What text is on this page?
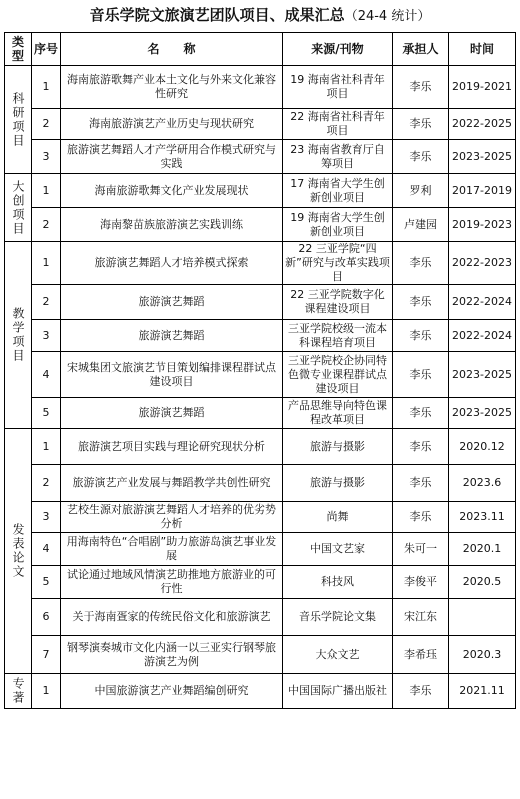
音乐学院文旅演艺团队项目、成果汇总（24-4 统计）
类型	序号	名　　称	来源/刊物	承担人	时间
科研项目	1	海南旅游歌舞产业本土文化与外来文化兼容性研究	19 海南省社科青年项目	李乐	2019-2021
	2	海南旅游演艺产业历史与现状研究	22 海南省社科青年项目	李乐	2022-2025
	3	旅游演艺舞蹈人才产学研用合作模式研究与实践	23 海南省教育厅自筹项目	李乐	2023-2025
大创项目	1	海南旅游歌舞文化产业发展现状	17 海南省大学生创新创业项目	罗利	2017-2019
	2	海南黎苗族旅游演艺实践训练	19 海南省大学生创新创业项目	卢建园	2019-2023
教学项目	1	旅游演艺舞蹈人才培养模式探索	22 三亚学院“四新”研究与改革实践项目	李乐	2022-2023
	2	旅游演艺舞蹈	22 三亚学院数字化课程建设项目	李乐	2022-2024
	3	旅游演艺舞蹈	三亚学院校级一流本科课程培育项目	李乐	2022-2024
	4	宋城集团文旅演艺节目策划编排课程群试点建设项目	三亚学院校企协同特色微专业课程群试点建设项目	李乐	2023-2025
	5	旅游演艺舞蹈	产品思维导向特色课程改革项目	李乐	2023-2025
发表论文	1	旅游演艺项目实践与理论研究现状分析	旅游与摄影	李乐	2020.12
	2	旅游演艺产业发展与舞蹈教学共创性研究	旅游与摄影	李乐	2023.6
	3	艺校生源对旅游演艺舞蹈人才培养的优劣势分析	尚舞	李乐	2023.11
	4	用海南特色“合唱剧”助力旅游岛演艺事业发展	中国文艺家	朱可一	2020.1
	5	试论通过地域风情演艺助推地方旅游业的可行性	科技风	李俊平	2020.5
	6	关于海南疍家的传统民俗文化和旅游演艺	音乐学院论文集	宋江东	
	7	钢琴演奏城市文化内涵一以三亚实行钢琴旅游演艺为例	大众文艺	李希珏	2020.3
专著	1	中国旅游演艺产业舞蹈编创研究	中国国际广播出版社	李乐	2021.11
